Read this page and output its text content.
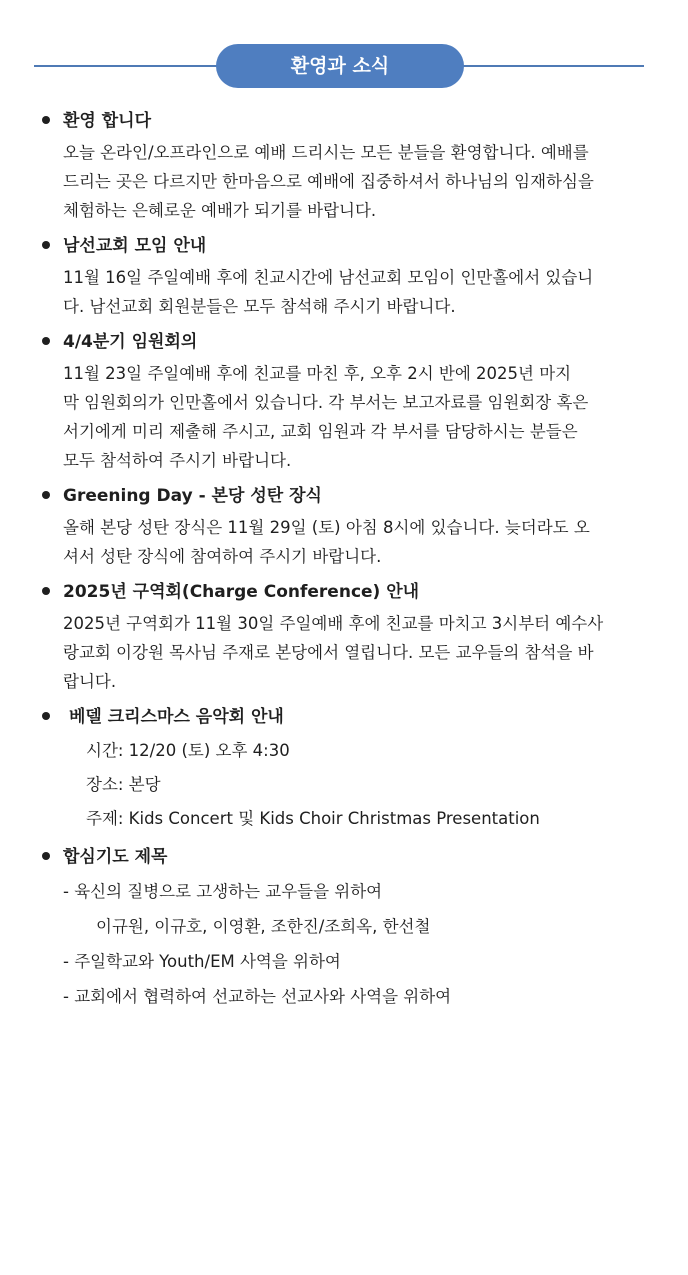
환영과 소식
환영 합니다
오늘 온라인/오프라인으로 예배 드리시는 모든 분들을 환영합니다. 예배를
드리는 곳은 다르지만 한마음으로 예배에 집중하셔서 하나님의 임재하심을
체험하는 은혜로운 예배가 되기를 바랍니다.
남선교회 모임 안내
11월 16일 주일예배 후에 친교시간에 남선교회 모임이 인만홀에서 있습니
다. 남선교회 회원분들은 모두 참석해 주시기 바랍니다.
4/4분기 임원회의
11월 23일 주일예배 후에 친교를 마친 후, 오후 2시 반에 2025년 마지
막 임원회의가 인만홀에서 있습니다. 각 부서는 보고자료를 임원회장 혹은
서기에게 미리 제출해 주시고, 교회 임원과 각 부서를 담당하시는 분들은
모두 참석하여 주시기 바랍니다.
Greening Day - 본당 성탄 장식
올해 본당 성탄 장식은 11월 29일 (토) 아침 8시에 있습니다. 늦더라도 오
셔서 성탄 장식에 참여하여 주시기 바랍니다.
2025년 구역회(Charge Conference) 안내
2025년 구역회가 11월 30일 주일예배 후에 친교를 마치고 3시부터 예수사
랑교회 이강원 목사님 주재로 본당에서 열립니다. 모든 교우들의 참석을 바
랍니다.
베델 크리스마스 음악회 안내
시간: 12/20 (토) 오후 4:30
장소: 본당
주제: Kids Concert 및 Kids Choir Christmas Presentation
합심기도 제목
- 육신의 질병으로 고생하는 교우들을 위하여
이규원, 이규호, 이영환, 조한진/조희옥, 한선철
- 주일학교와 Youth/EM 사역을 위하여
- 교회에서 협력하여 선교하는 선교사와 사역을 위하여
